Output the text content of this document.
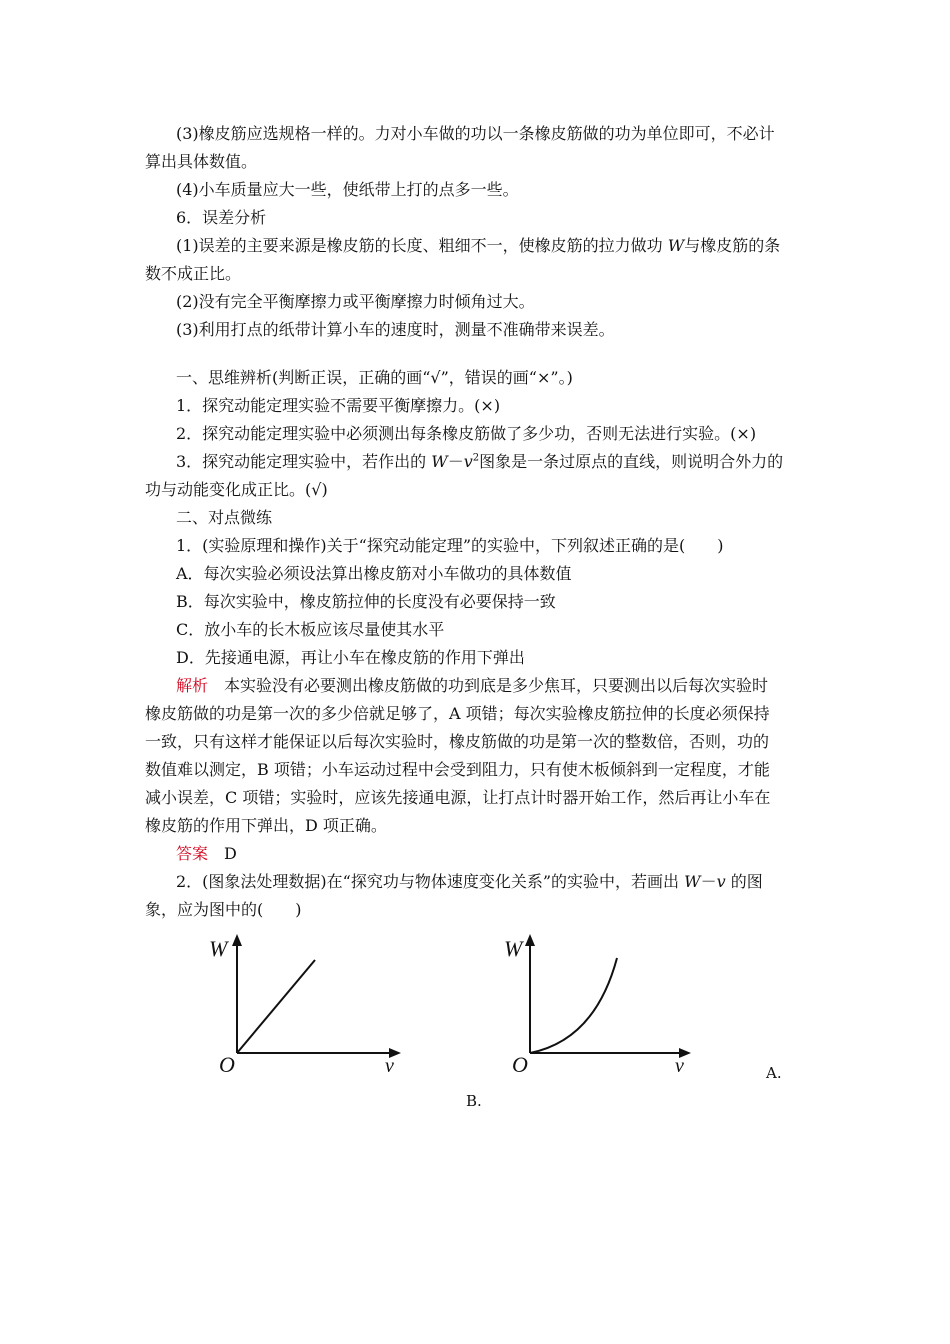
(3)橡皮筋应选规格一样的。力对小车做的功以一条橡皮筋做的功为单位即可，不必计
算出具体数值。
(4)小车质量应大一些，使纸带上打的点多一些。
6．误差分析
(1)误差的主要来源是橡皮筋的长度、粗细不一，使橡皮筋的拉力做功 W与橡皮筋的条
数不成正比。
(2)没有完全平衡摩擦力或平衡摩擦力时倾角过大。
(3)利用打点的纸带计算小车的速度时，测量不准确带来误差。
一、思维辨析(判断正误，正确的画“√”，错误的画“×”。)
1．探究动能定理实验不需要平衡摩擦力。(×)
2．探究动能定理实验中必须测出每条橡皮筋做了多少功，否则无法进行实验。(×)
3．探究动能定理实验中，若作出的 $W-v^2$图象是一条过原点的直线，则说明合外力的
功与动能变化成正比。(√)
二、对点微练
1．(实验原理和操作)关于“探究动能定理”的实验中，下列叙述正确的是(　　)
A．每次实验必须设法算出橡皮筋对小车做功的具体数值
B．每次实验中，橡皮筋拉伸的长度没有必要保持一致
C．放小车的长木板应该尽量使其水平
D．先接通电源，再让小车在橡皮筋的作用下弹出
解析　本实验没有必要测出橡皮筋做的功到底是多少焦耳，只要测出以后每次实验时
橡皮筋做的功是第一次的多少倍就足够了，A 项错；每次实验橡皮筋拉伸的长度必须保持
一致，只有这样才能保证以后每次实验时，橡皮筋做的功是第一次的整数倍，否则，功的
数值难以测定，B 项错；小车运动过程中会受到阻力，只有使木板倾斜到一定程度，才能
减小误差，C 项错；实验时，应该先接通电源，让打点计时器开始工作，然后再让小车在
橡皮筋的作用下弹出，D 项正确。
答案　D
2．(图象法处理数据)在“探究功与物体速度变化关系”的实验中，若画出 W－v 的图
象，应为图中的(　　)
W
O	v
W
O	v	A.
B.
